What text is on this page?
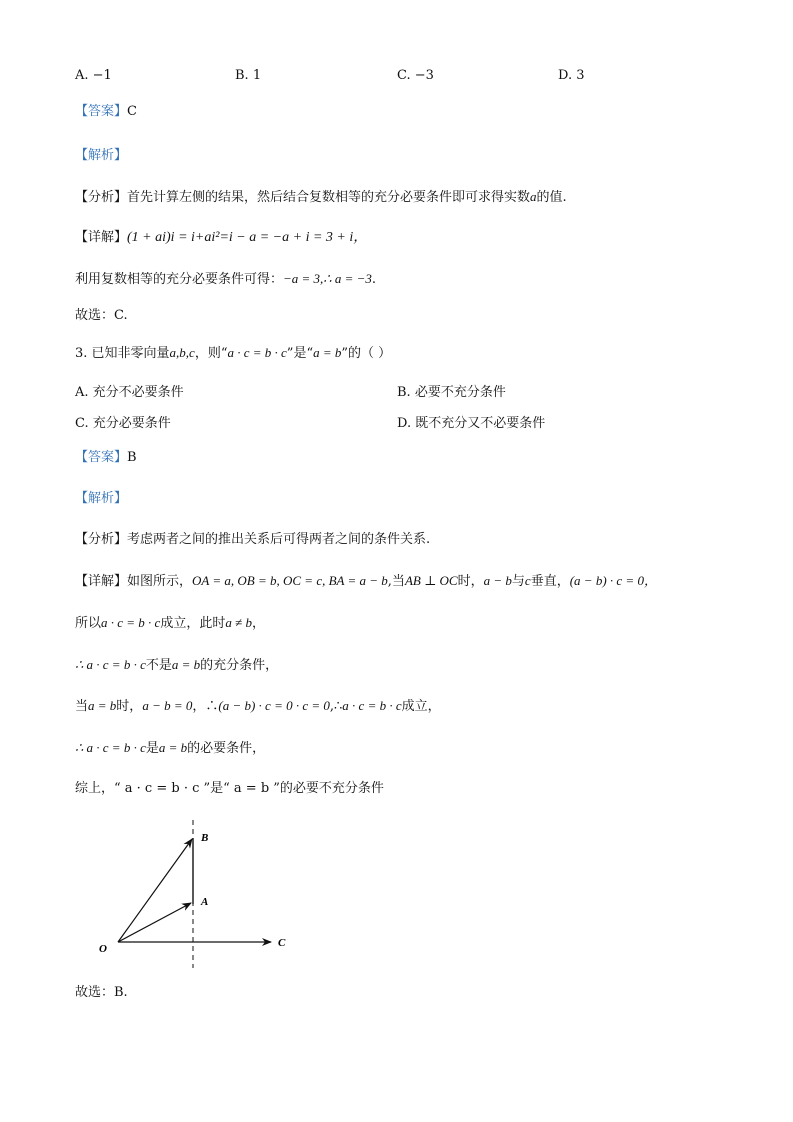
A. −1	B. 1	C. −3	D. 3
【答案】C
【解析】
【分析】首先计算左侧的结果，然后结合复数相等的充分必要条件即可求得实数a的值.
【详解】(1 + ai)i = i+ai²=i − a = −a + i = 3 + i，
利用复数相等的充分必要条件可得：−a = 3,∴ a = −3.
故选：C.
3. 已知非零向量a,b,c，则“a · c = b · c”是“a = b”的（ ）
A. 充分不必要条件	B. 必要不充分条件
C. 充分必要条件	D. 既不充分又不必要条件
【答案】B
【解析】
【分析】考虑两者之间的推出关系后可得两者之间的条件关系.
【详解】如图所示，OA = a, OB = b, OC = c, BA = a − b,当AB ⊥ OC时，a − b与c垂直，(a − b) · c = 0，
所以a · c = b · c成立，此时a ≠ b，
∴ a · c = b · c不是a = b的充分条件，
当a = b时，a − b = 0，∴(a − b) · c = 0 · c = 0,∴a · c = b · c成立，
∴ a · c = b · c是a = b的必要条件，
综上，“ a · c = b · c ”是“ a = b ”的必要不充分条件
O
A
B
C
故选：B.
